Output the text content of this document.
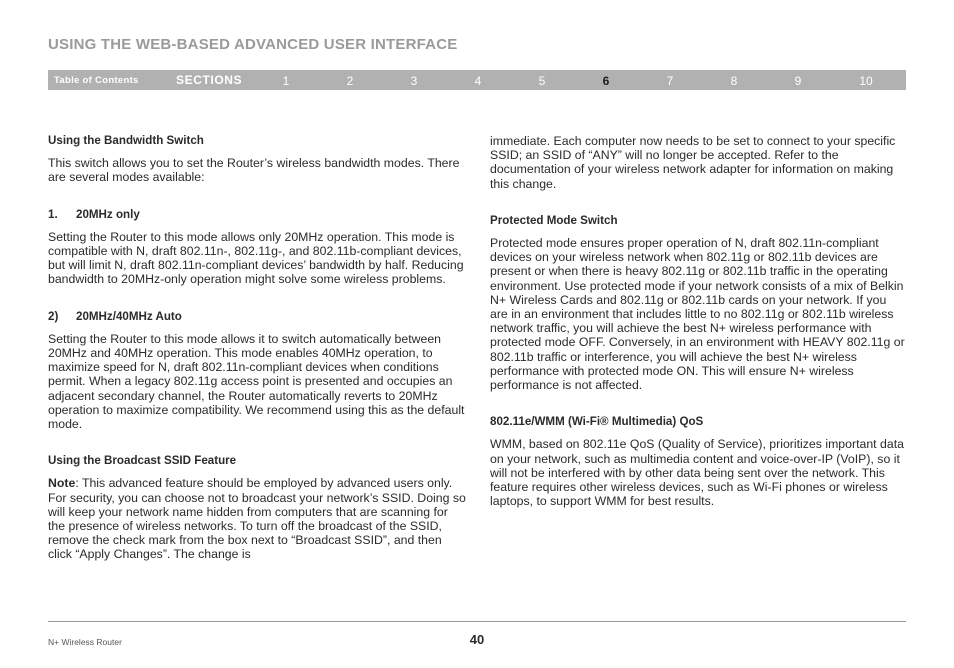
USING THE WEB-BASED ADVANCED USER INTERFACE
Table of Contents	SECTIONS	1	2	3	4	5	6	7	8	9	10

Using the Bandwidth Switch

This switch allows you to set the Router’s wireless bandwidth modes. There are several modes available:

1. 20MHz only

Setting the Router to this mode allows only 20MHz operation. This mode is compatible with N, draft 802.11n-, 802.11g-, and 802.11b-compliant devices, but will limit N, draft 802.11n-compliant devices’ bandwidth by half. Reducing bandwidth to 20MHz-only operation might solve some wireless problems.

2) 20MHz/40MHz Auto

Setting the Router to this mode allows it to switch automatically between 20MHz and 40MHz operation. This mode enables 40MHz operation, to maximize speed for N, draft 802.11n-compliant devices when conditions permit. When a legacy 802.11g access point is presented and occupies an adjacent secondary channel, the Router automatically reverts to 20MHz operation to maximize compatibility. We recommend using this as the default mode.

Using the Broadcast SSID Feature

Note: This advanced feature should be employed by advanced users only. For security, you can choose not to broadcast your network’s SSID. Doing so will keep your network name hidden from computers that are scanning for the presence of wireless networks. To turn off the broadcast of the SSID, remove the check mark from the box next to “Broadcast SSID”, and then click “Apply Changes”. The change is

immediate. Each computer now needs to be set to connect to your specific SSID; an SSID of “ANY” will no longer be accepted. Refer to the documentation of your wireless network adapter for information on making this change.

Protected Mode Switch

Protected mode ensures proper operation of N, draft 802.11n-compliant devices on your wireless network when 802.11g or 802.11b devices are present or when there is heavy 802.11g or 802.11b traffic in the operating environment. Use protected mode if your network consists of a mix of Belkin N+ Wireless Cards and 802.11g or 802.11b cards on your network. If you are in an environment that includes little to no 802.11g or 802.11b wireless network traffic, you will achieve the best N+ wireless performance with protected mode OFF. Conversely, in an environment with HEAVY 802.11g or 802.11b traffic or interference, you will achieve the best N+ wireless performance with protected mode ON. This will ensure N+ wireless performance is not affected.

802.11e/WMM (Wi-Fi® Multimedia) QoS

WMM, based on 802.11e QoS (Quality of Service), prioritizes important data on your network, such as multimedia content and voice-over-IP (VoIP), so it will not be interfered with by other data being sent over the network. This feature requires other wireless devices, such as Wi-Fi phones or wireless laptops, to support WMM for best results.

N+ Wireless Router	40
